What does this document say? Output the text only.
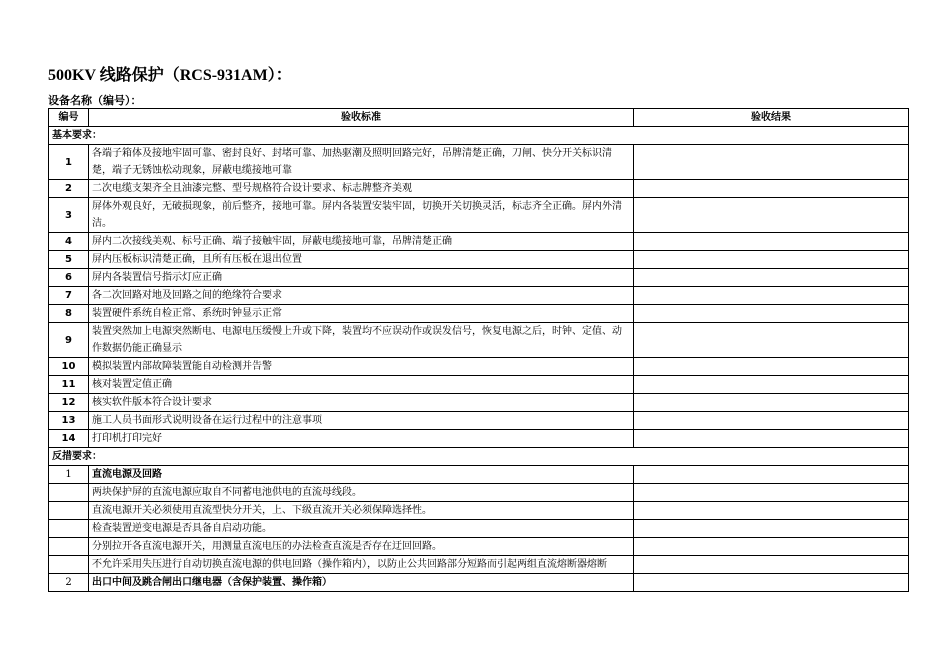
500KV 线路保护（RCS-931AM）：
设备名称（编号）：
编号	验收标准	验收结果
基本要求：		
1	各端子箱体及接地牢固可靠、密封良好、封堵可靠、加热驱潮及照明回路完好，吊牌清楚正确，刀闸、快分开关标识清楚，端子无锈蚀松动现象，屏蔽电缆接地可靠	
2	二次电缆支架齐全且油漆完整、型号规格符合设计要求、标志牌整齐美观	
3	屏体外观良好，无破损现象，前后整齐，接地可靠。屏内各装置安装牢固，切换开关切换灵活，标志齐全正确。屏内外清洁。	
4	屏内二次接线美观、标号正确、端子接触牢固，屏蔽电缆接地可靠，吊牌清楚正确	
5	屏内压板标识清楚正确，且所有压板在退出位置	
6	屏内各装置信号指示灯应正确	
7	各二次回路对地及回路之间的绝缘符合要求	
8	装置硬件系统自检正常、系统时钟显示正常	
9	装置突然加上电源突然断电、电源电压缓慢上升或下降，装置均不应误动作或误发信号，恢复电源之后，时钟、定值、动作数据仍能正确显示	
10	模拟装置内部故障装置能自动检测并告警	
11	核对装置定值正确	
12	核实软件版本符合设计要求	
13	施工人员书面形式说明设备在运行过程中的注意事项	
14	打印机打印完好	
反措要求：		
1	直流电源及回路	
	两块保护屏的直流电源应取自不同蓄电池供电的直流母线段。	
	直流电源开关必须使用直流型快分开关，上、下级直流开关必须保障选择性。	
	检查装置逆变电源是否具备自启动功能。	
	分别拉开各直流电源开关，用测量直流电压的办法检查直流是否存在迂回回路。	
	不允许采用失压进行自动切换直流电源的供电回路（操作箱内），以防止公共回路部分短路而引起两组直流熔断器熔断	
2	出口中间及跳合闸出口继电器（含保护装置、操作箱）	
